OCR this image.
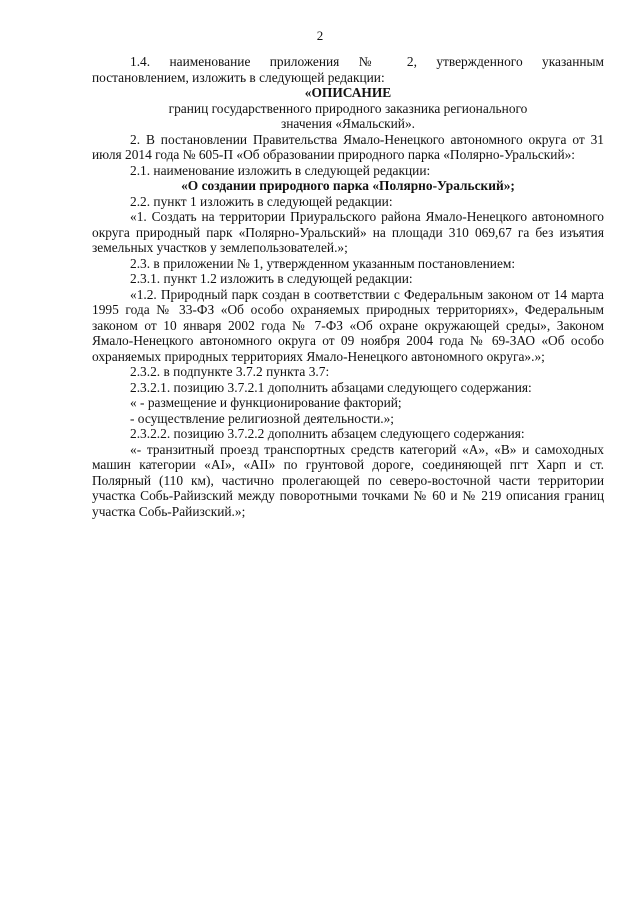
2

1.4. наименование приложения № 2, утвержденного указанным

постановлением, изложить в следующей редакции:

«ОПИСАНИЕ

границ государственного природного заказника регионального

значения «Ямальский».

2. В постановлении Правительства Ямало-Ненецкого автономного округа от 31 июля 2014 года № 605-П «Об образовании природного парка «Полярно-Уральский»:

2.1. наименование изложить в следующей редакции:

«О создании природного парка «Полярно-Уральский»;

2.2. пункт 1 изложить в следующей редакции:

«1. Создать на территории Приуральского района Ямало-Ненецкого автономного округа природный парк «Полярно-Уральский» на площади 310 069,67 га без изъятия земельных участков у землепользователей.»;

2.3. в приложении № 1, утвержденном указанным постановлением:

2.3.1. пункт 1.2 изложить в следующей редакции:

«1.2. Природный парк создан в соответствии с Федеральным законом от 14 марта 1995 года № 33-ФЗ «Об особо охраняемых природных территориях», Федеральным законом от 10 января 2002 года № 7-ФЗ «Об охране окружающей среды», Законом Ямало-Ненецкого автономного округа от 09 ноября 2004 года № 69-ЗАО «Об особо охраняемых природных территориях Ямало-Ненецкого автономного округа».»;

2.3.2. в подпункте 3.7.2 пункта 3.7:

2.3.2.1. позицию 3.7.2.1 дополнить абзацами следующего содержания:

« - размещение и функционирование факторий;

- осуществление религиозной деятельности.»;

2.3.2.2. позицию 3.7.2.2 дополнить абзацем следующего содержания:

«- транзитный проезд транспортных средств категорий «А», «В» и самоходных машин категории «AI», «AII» по грунтовой дороге, соединяющей пгт Харп и ст. Полярный (110 км), частично пролегающей по северо-восточной части территории участка Собь-Райизский между поворотными точками № 60 и № 219 описания границ участка Собь-Райизский.»;
